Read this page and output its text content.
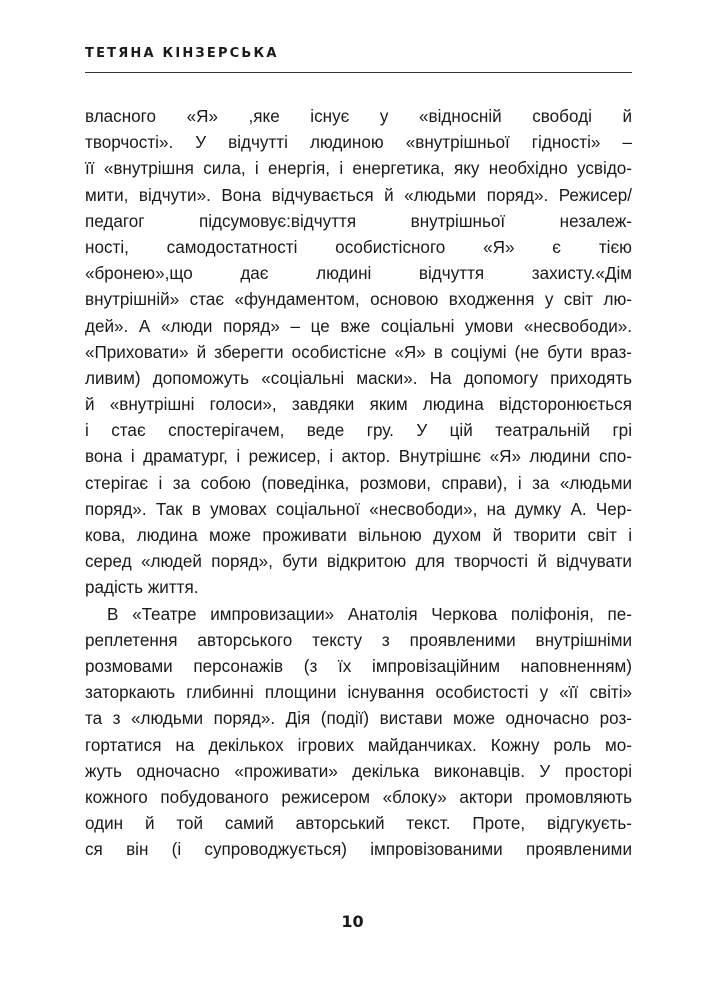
ТЕТЯНА КІНЗЕРСЬКА
власного «Я» ,яке існує у «відносній свободі й
творчості». У відчутті людиною «внутрішньої гідності» –
її «внутрішня сила, і енергія, і енергетика, яку необхідно усвідо-
мити, відчути». Вона відчувається й «людьми поряд». Режисер/
педагог підсумовує:відчуття внутрішньої незалеж-
ності, самодостатності особистісного «Я» є тією
«бронею»,що дає людині відчуття захисту.«Дім
внутрішній» стає «фундаментом, основою входження у світ лю-
дей». А «люди поряд» – це вже соціальні умови «несвободи».
«Приховати» й зберегти особистісне «Я» в соціумі (не бути враз-
ливим) допоможуть «соціальні маски». На допомогу приходять
й «внутрішні голоси», завдяки яким людина відсторонюється
і стає спостерігачем, веде гру. У цій театральній грі
вона і драматург, і режисер, і актор. Внутрішнє «Я» людини спо-
стерігає і за собою (поведінка, розмови, справи), і за «людьми
поряд». Так в умовах соціальної «несвободи», на думку А. Чер-
кова, людина може проживати вільною духом й творити світ і
серед «людей поряд», бути відкритою для творчості й відчувати
радість життя.
В «Театре импровизации» Анатолія Черкова поліфонія, пе-
реплетення авторського тексту з проявленими внутрішніми
розмовами персонажів (з їх імпровізаційним наповненням)
заторкають глибинні площини існування особистості у «її світі»
та з «людьми поряд». Дія (події) вистави може одночасно роз-
гортатися на декількох ігрових майданчиках. Кожну роль мо-
жуть одночасно «проживати» декілька виконавців. У просторі
кожного побудованого режисером «блоку» актори промовляють
один й той самий авторський текст. Проте, відгукуєть-
ся він (і супроводжується) імпровізованими проявленими
10
